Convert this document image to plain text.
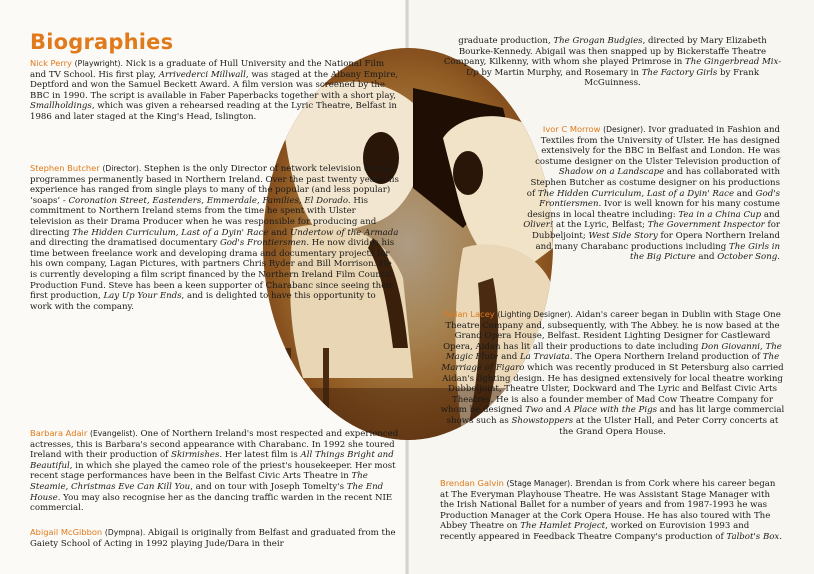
Biographies

Nick Perry (Playwright). Nick is a graduate of Hull University and the National Film and TV School. His first play, Arrivederci Millwall, was staged at the Albany Empire, Deptford and won the Samuel Beckett Award. A film version was screened by the BBC in 1990. The script is available in Faber Paperbacks together with a short play, Smallholdings, which was given a rehearsed reading at the Lyric Theatre, Belfast in 1986 and later staged at the King's Head, Islington.

Stephen Butcher (Director). Stephen is the only Director of network television drama programmes permanently based in Northern Ireland. Over the past twenty years his experience has ranged from single plays to many of the popular (and less popular) ‘soaps’ - Coronation Street, Eastenders, Emmerdale, Families, El Dorado. His commitment to Northern Ireland stems from the time he spent with Ulster television as their Drama Producer when he was responsible for producing and directing The Hidden Curriculum, Last of a Dyin' Race and Undertow of the Armada and directing the dramatised documentary God's Frontiersmen. He now divides his time between freelance work and developing drama and documentary projects for his own company, Lagan Pictures, with partners Chris Ryder and Bill Morrison. He is currently developing a film script financed by the Northern Ireland Film Council Production Fund. Steve has been a keen supporter of Charabanc since seeing their first production, Lay Up Your Ends, and is delighted to have this opportunity to work with the company.

Barbara Adair (Evangelist). One of Northern Ireland's most respected and experienced actresses, this is Barbara's second appearance with Charabanc. In 1992 she toured Ireland with their production of Skirmishes. Her latest film is All Things Bright and Beautiful, in which she played the cameo role of the priest's housekeeper. Her most recent stage performances have been in the Belfast Civic Arts Theatre in The Steamie, Christmas Eve Can Kill You, and on tour with Joseph Tomelty's The End House. You may also recognise her as the dancing traffic warden in the recent NIE commercial.

Abigail McGibbon (Dympna). Abigail is originally from Belfast and graduated from the Gaiety School of Acting in 1992 playing Jude/Dara in their

graduate production, The Grogan Budgies, directed by Mary Elizabeth Bourke-Kennedy. Abigail was then snapped up by Bickerstaffe Theatre Company, Kilkenny, with whom she played Primrose in The Gingerbread Mix-Up by Martin Murphy, and Rosemary in The Factory Girls by Frank McGuinness.

Ivor C Morrow (Designer). Ivor graduated in Fashion and Textiles from the University of Ulster. He has designed extensively for the BBC in Belfast and London. He was costume designer on the Ulster Television production of Shadow on a Landscape and has collaborated with Stephen Butcher as costume designer on his productions of The Hidden Curriculum, Last of a Dyin' Race and God's Frontiersmen. Ivor is well known for his many costume designs in local theatre including: Tea in a China Cup and Oliver! at the Lyric, Belfast; The Government Inspector for Dubbeljoint; West Side Story for Opera Northern Ireland and many Charabanc productions including The Girls in the Big Picture and October Song.

Aidan Lacey (Lighting Designer). Aidan's career began in Dublin with Stage One Theatre Company and, subsequently, with The Abbey. he is now based at the Grand Opera House, Belfast. Resident Lighting Designer for Castleward Opera, Aidan has lit all their productions to date including Don Giovanni, The Magic Flute and La Traviata. The Opera Northern Ireland production of The Marriage of Figaro which was recently produced in St Petersburg also carried Aidan's lighting design. He has designed extensively for local theatre working Dubbeljoint, Theatre Ulster, Dockward and The Lyric and Belfast Civic Arts Theatres. He is also a founder member of Mad Cow Theatre Company for whom he designed Two and A Place with the Pigs and has lit large commercial shows such as Showstoppers at the Ulster Hall, and Peter Corry concerts at the Grand Opera House.

Brendan Galvin (Stage Manager). Brendan is from Cork where his career began at The Everyman Playhouse Theatre. He was Assistant Stage Manager with the Irish National Ballet for a number of years and from 1987-1993 he was Production Manager at the Cork Opera House. He has also toured with The Abbey Theatre on The Hamlet Project, worked on Eurovision 1993 and recently appeared in Feedback Theatre Company's production of Talbot's Box.
